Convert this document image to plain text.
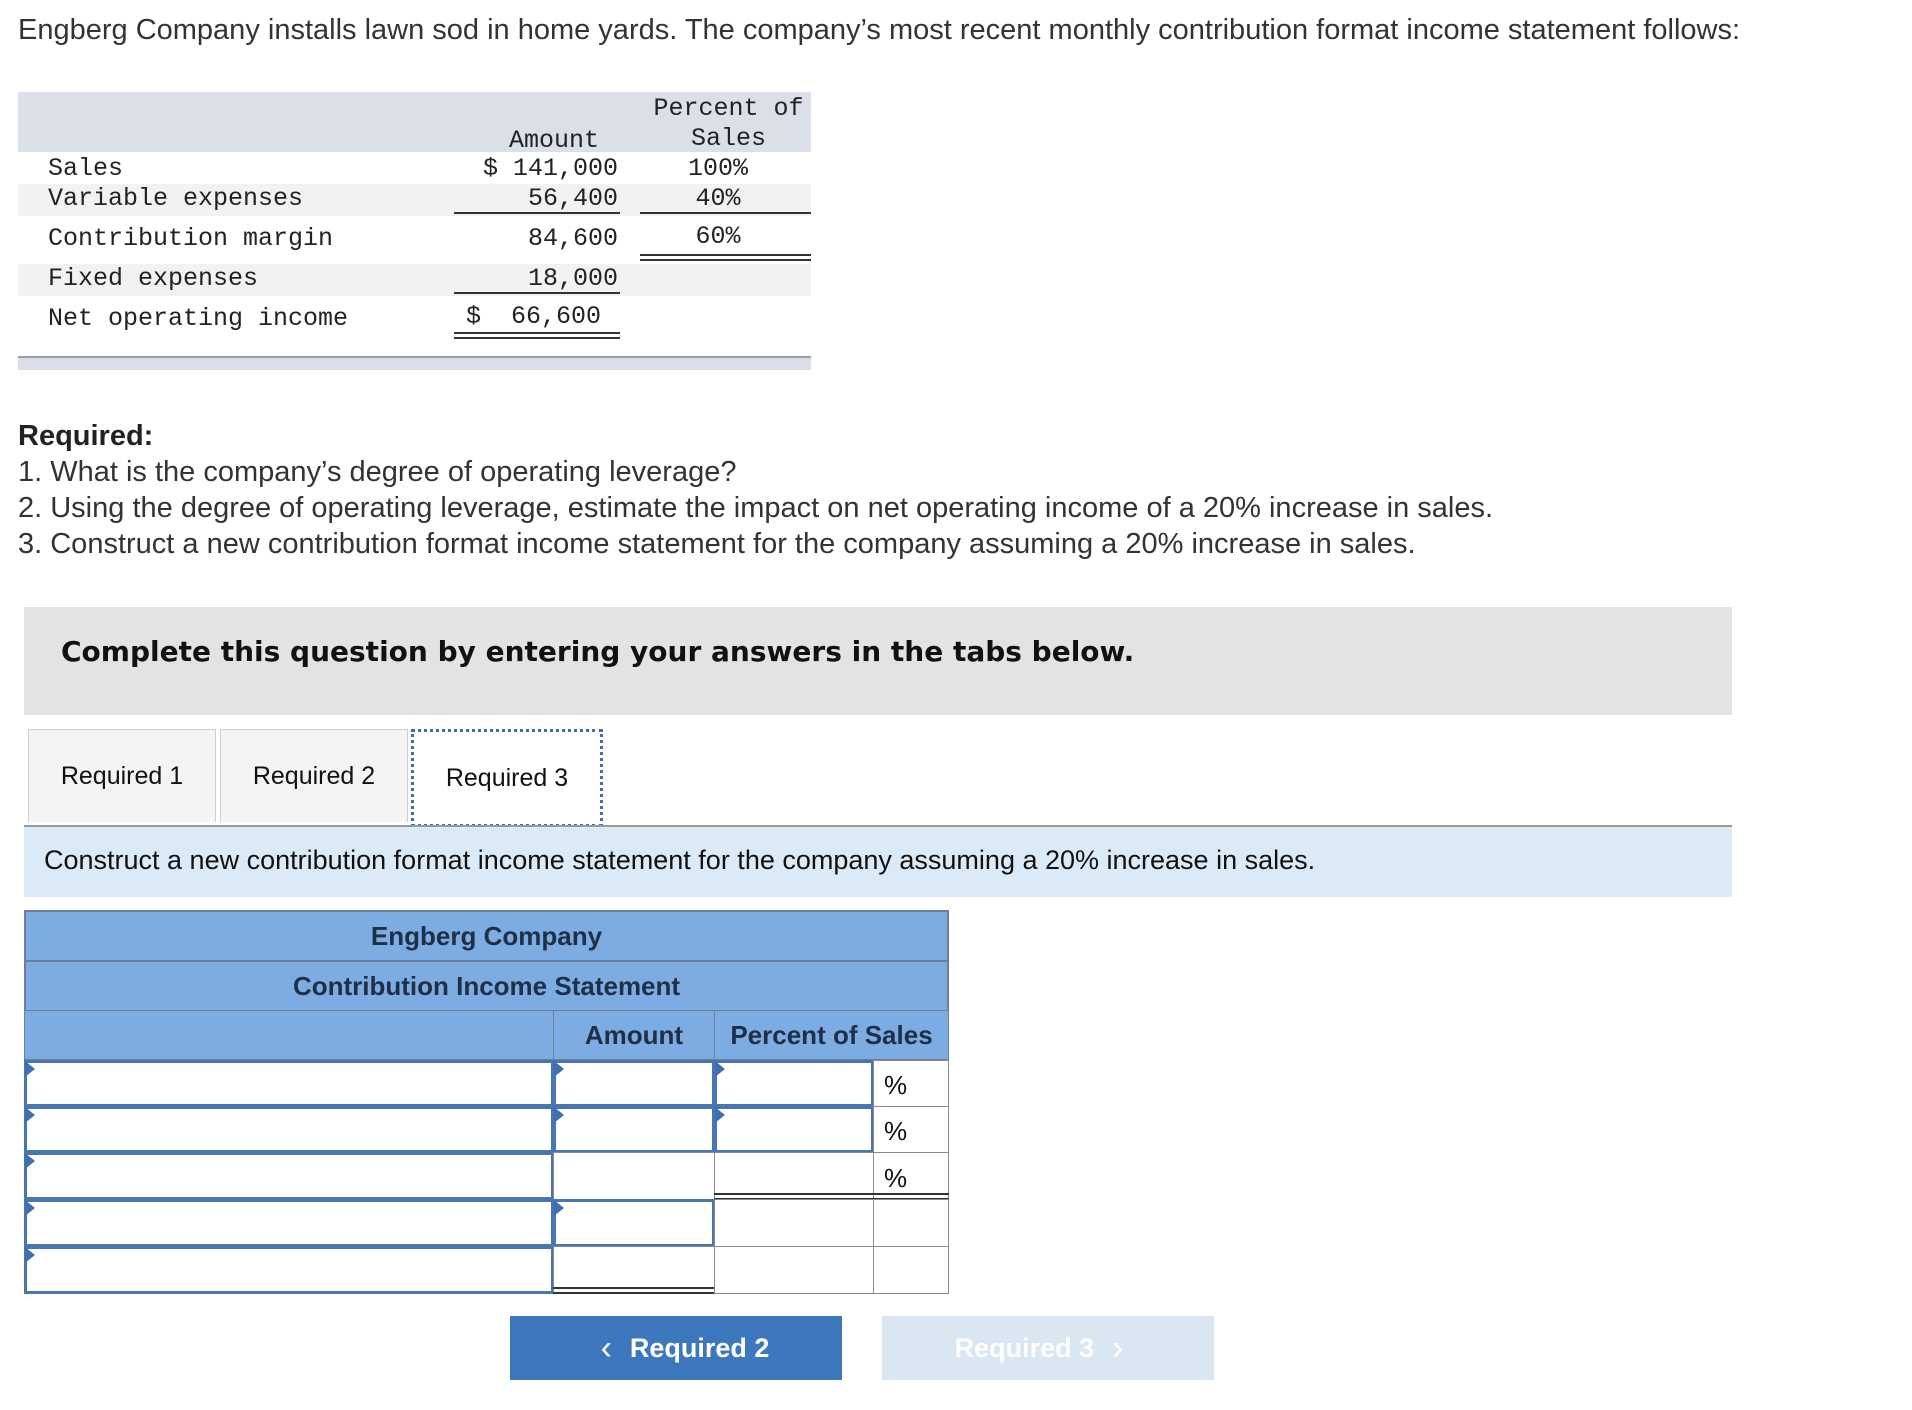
Engberg Company installs lawn sod in home yards. The company’s most recent monthly contribution format income statement follows:
Amount
Percent of
Sales
Sales	$ 141,000	100%
Variable expenses	56,400	40%
Contribution margin	84,600	60%
Fixed expenses	18,000
Net operating income	$  66,600
Required:
1. What is the company’s degree of operating leverage?
2. Using the degree of operating leverage, estimate the impact on net operating income of a 20% increase in sales.
3. Construct a new contribution format income statement for the company assuming a 20% increase in sales.
Complete this question by entering your answers in the tabs below.
Required 1	Required 2	Required 3
Construct a new contribution format income statement for the company assuming a 20% increase in sales.
Engberg Company
Contribution Income Statement
Amount	Percent of Sales
%
%
%
‹ Required 2	Required 3 ›
